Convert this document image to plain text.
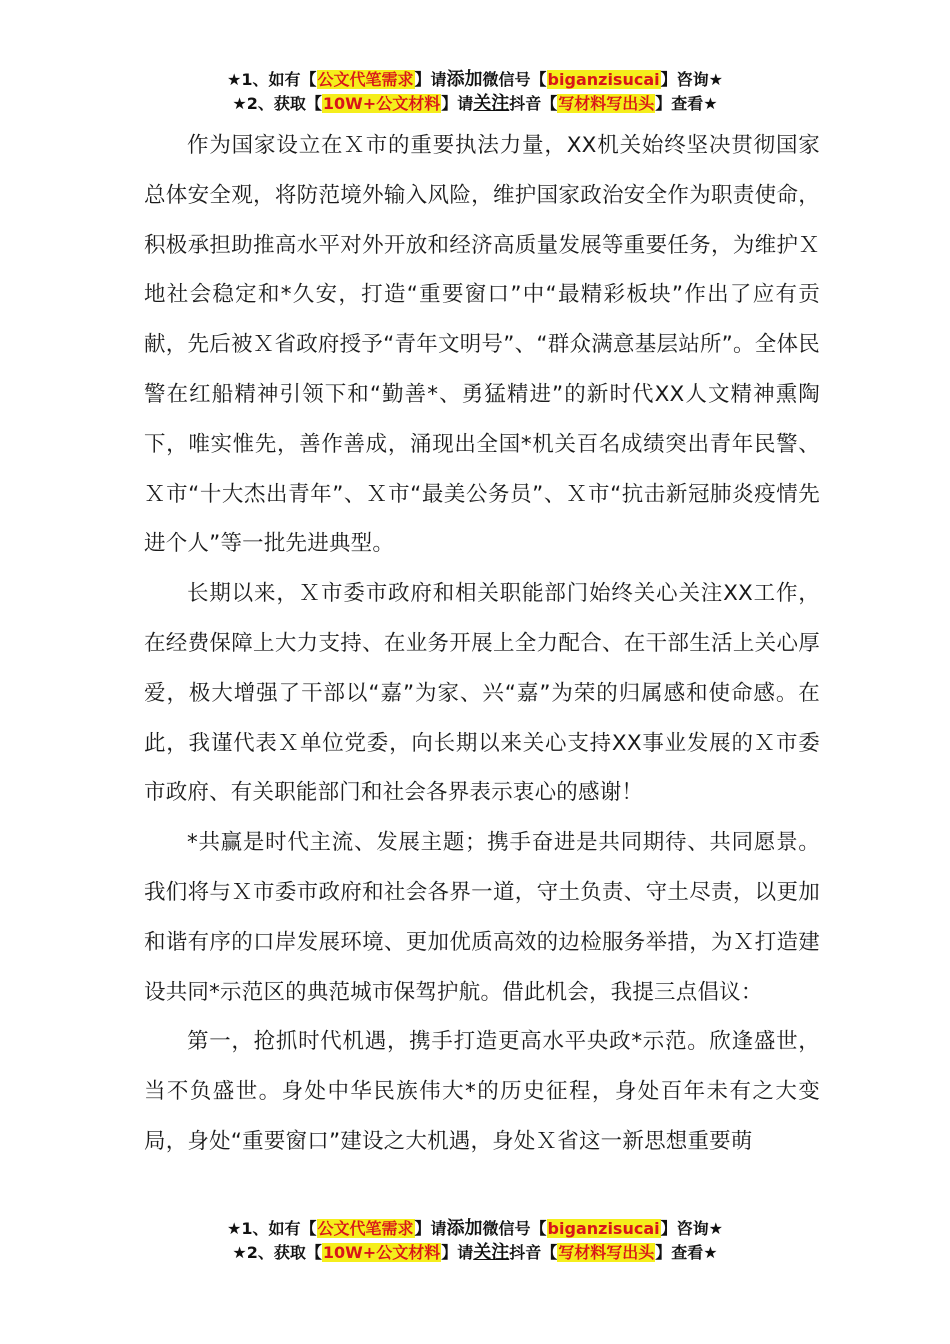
★1、如有【公文代笔需求】请添加微信号【biganzisucai】咨询★
★2、获取【10W+公文材料】请关注抖音【写材料写出头】查看★

作为国家设立在Ｘ市的重要执法力量，XX机关始终坚决贯彻国家总体安全观，将防范境外输入风险，维护国家政治安全作为职责使命，积极承担助推高水平对外开放和经济高质量发展等重要任务，为维护Ｘ地社会稳定和*久安，打造“重要窗口”中“最精彩板块”作出了应有贡献，先后被Ｘ省政府授予“青年文明号”、“群众满意基层站所”。全体民警在红船精神引领下和“勤善*、勇猛精进”的新时代XX人文精神熏陶下，唯实惟先，善作善成，涌现出全国*机关百名成绩突出青年民警、Ｘ市“十大杰出青年”、Ｘ市“最美公务员”、Ｘ市“抗击新冠肺炎疫情先进个人”等一批先进典型。

长期以来，Ｘ市委市政府和相关职能部门始终关心关注XX工作，在经费保障上大力支持、在业务开展上全力配合、在干部生活上关心厚爱，极大增强了干部以“嘉”为家、兴“嘉”为荣的归属感和使命感。在此，我谨代表Ｘ单位党委，向长期以来关心支持XX事业发展的Ｘ市委市政府、有关职能部门和社会各界表示衷心的感谢！

*共赢是时代主流、发展主题；携手奋进是共同期待、共同愿景。我们将与Ｘ市委市政府和社会各界一道，守土负责、守土尽责，以更加和谐有序的口岸发展环境、更加优质高效的边检服务举措，为Ｘ打造建设共同*示范区的典范城市保驾护航。借此机会，我提三点倡议：

第一，抢抓时代机遇，携手打造更高水平央政*示范。欣逢盛世，当不负盛世。身处中华民族伟大*的历史征程，身处百年未有之大变局，身处“重要窗口”建设之大机遇，身处Ｘ省这一新思想重要萌

★1、如有【公文代笔需求】请添加微信号【biganzisucai】咨询★
★2、获取【10W+公文材料】请关注抖音【写材料写出头】查看★
